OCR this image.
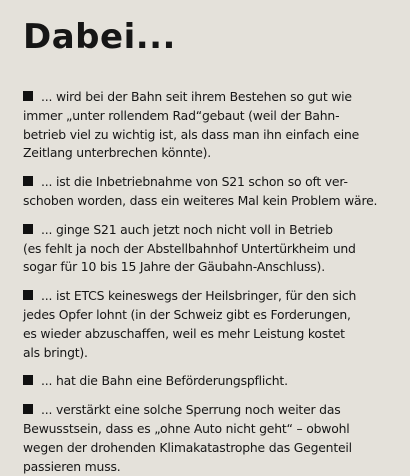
Dabei...

... wird bei der Bahn seit ihrem Bestehen so gut wie
immer „unter rollendem Rad“gebaut (weil der Bahn-
betrieb viel zu wichtig ist, als dass man ihn einfach eine
Zeitlang unterbrechen könnte).

... ist die Inbetriebnahme von S21 schon so oft ver-
schoben worden, dass ein weiteres Mal kein Problem wäre.

... ginge S21 auch jetzt noch nicht voll in Betrieb
(es fehlt ja noch der Abstellbahnhof Untertürkheim und
sogar für 10 bis 15 Jahre der Gäubahn-Anschluss).

... ist ETCS keineswegs der Heilsbringer, für den sich
jedes Opfer lohnt (in der Schweiz gibt es Forderungen,
es wieder abzuschaffen, weil es mehr Leistung kostet
als bringt).

... hat die Bahn eine Beförderungspflicht.

... verstärkt eine solche Sperrung noch weiter das
Bewusstsein, dass es „ohne Auto nicht geht“ – obwohl
wegen der drohenden Klimakatastrophe das Gegenteil
passieren muss.
